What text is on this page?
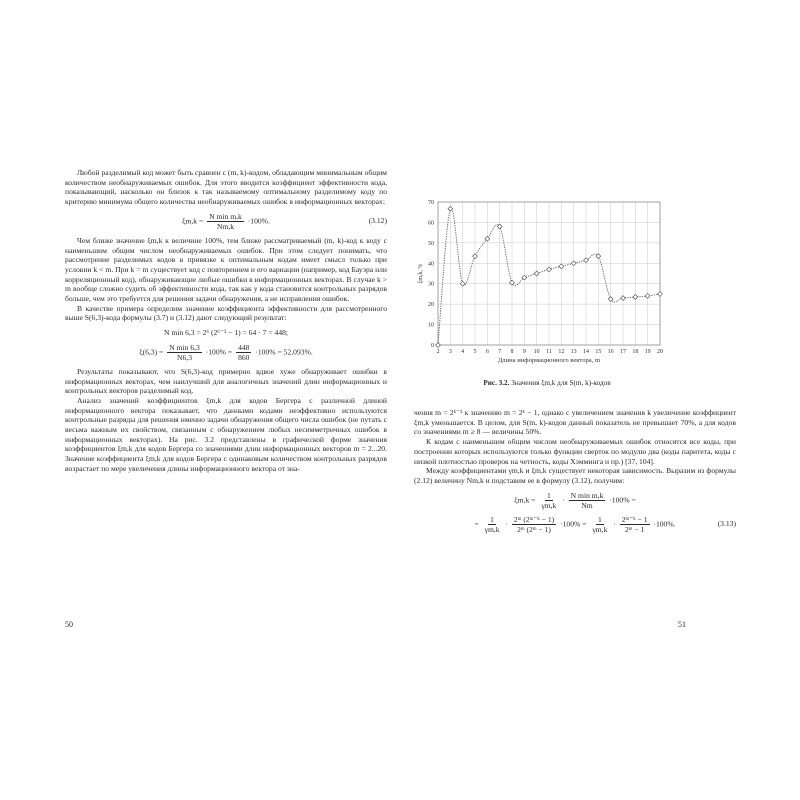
Любой разделимый код может быть сравнен с (m, k)-кодом, обладающим минимальным общим количеством необнаруживаемых ошибок. Для этого вводится коэффициент эффективности кода, показывающий, насколько он близок к так называемому оптимальному разделимому коду по критерию минимума общего количества необнаруживаемых ошибок в информационных векторах:

$\xi m,k = \frac{\text{N min m,k}}{Nm,k} \cdot 100\%$.	(3.12)

Чем ближе значение ξm,k к величине 100%, тем ближе рассматриваемый (m, k)-код к коду с наименьшим общим числом необнаруживаемых ошибок. При этом следует понимать, что рассмотрение разделимых кодов в привязке к оптимальным кодам имеет смысл только при условии k < m. При k = m существует код с повторением и его вариации (например, код Бауэра или корреляционный код), обнаруживающие любые ошибки в информационных векторах. В случае k > m вообще сложно судить об эффективности кода, так как у кода становится контрольных разрядов больше, чем это требуется для решения задачи обнаружения, а не исправления ошибок.

В качестве примера определим значение коэффициента эффективности для рассмотренного выше S(6,3)-кода формулы (3.7) и (3.12) дают следующий результат:

N min 6,3 = 2⁶ (2⁶⁻³ − 1) = 64 · 7 = 448;
$\xi(6,3) = \frac{\text{N min 6,3}}{N6,3} \cdot 100\% = \frac{448}{860} \cdot 100\% = 52,093\%$.

Результаты показывают, что S(6,3)-код примерно вдвое хуже обнаруживает ошибки в информационных векторах, чем наилучший для аналогичных значений длин информационных и контрольных векторов разделимый код.

Анализ значений коэффициентов ξm,k для кодов Бергера с различной длиной информационного вектора показывает, что данными кодами неэффективно используются контрольные разряды для решения именно задачи обнаружения общего числа ошибок (не путать с весьма важным их свойством, связанным с обнаружением любых несимметричных ошибок в информационных векторах). На рис. 3.2 представлены в графической форме значения коэффициентов ξm,k для кодов Бергера со значениями длин информационных векторов m = 2...20. Значение коэффициента ξm,k для кодов Бергера с одинаковым количеством контрольных разрядов возрастает по мере увеличения длины информационного вектора от зна-

50
2 3 4 5 6 7 8 9 10 11 12 13 14 15 16 17 18 19 20
0
10
20
30
40
50
60
70
Длина информационного вектора, m
ξm,k, %
Рис. 3.2. Значения ξm,k для S(m, k)-кодов

чения m = 2ᵏ⁻¹ к значению m = 2ᵏ − 1, однако с увеличением значения k увеличение коэффициент ξm,k уменьшается. В целом, для S(m, k)-кодов данный показатель не превышает 70%, а для кодов со значениями m ≥ 8 — величины 50%.

К кодам с наименьшим общим числом необнаруживаемых ошибок относятся все коды, при построении которых используются только функции сверток по модулю два (коды паритета, коды с низкой плотностью проверок на четность, коды Хэмминга и пр.) [37, 104].

Между коэффициентами γm,k и ξm,k существует некоторая зависимость. Выразим из формулы (2.12) величину Nm,k и подставим ее в формулу (3.12), получим:

$\xi m,k = \frac{1}{\gamma m,k} \cdot \frac{\text{N min m,k}}{Nm} \cdot 100\%$ =
= $\frac{1}{\gamma m,k} \cdot \frac{\text{2ᵐ (2ᵐ⁻ᵏ − 1)}}{\text{2ᵐ (2ᵐ − 1)}} \cdot 100\% = \frac{1}{\gamma m,k} \cdot \frac{\text{2ᵐ⁻ᵏ − 1}}{\text{2ᵐ − 1}} \cdot 100\%$.	(3.13)
51
